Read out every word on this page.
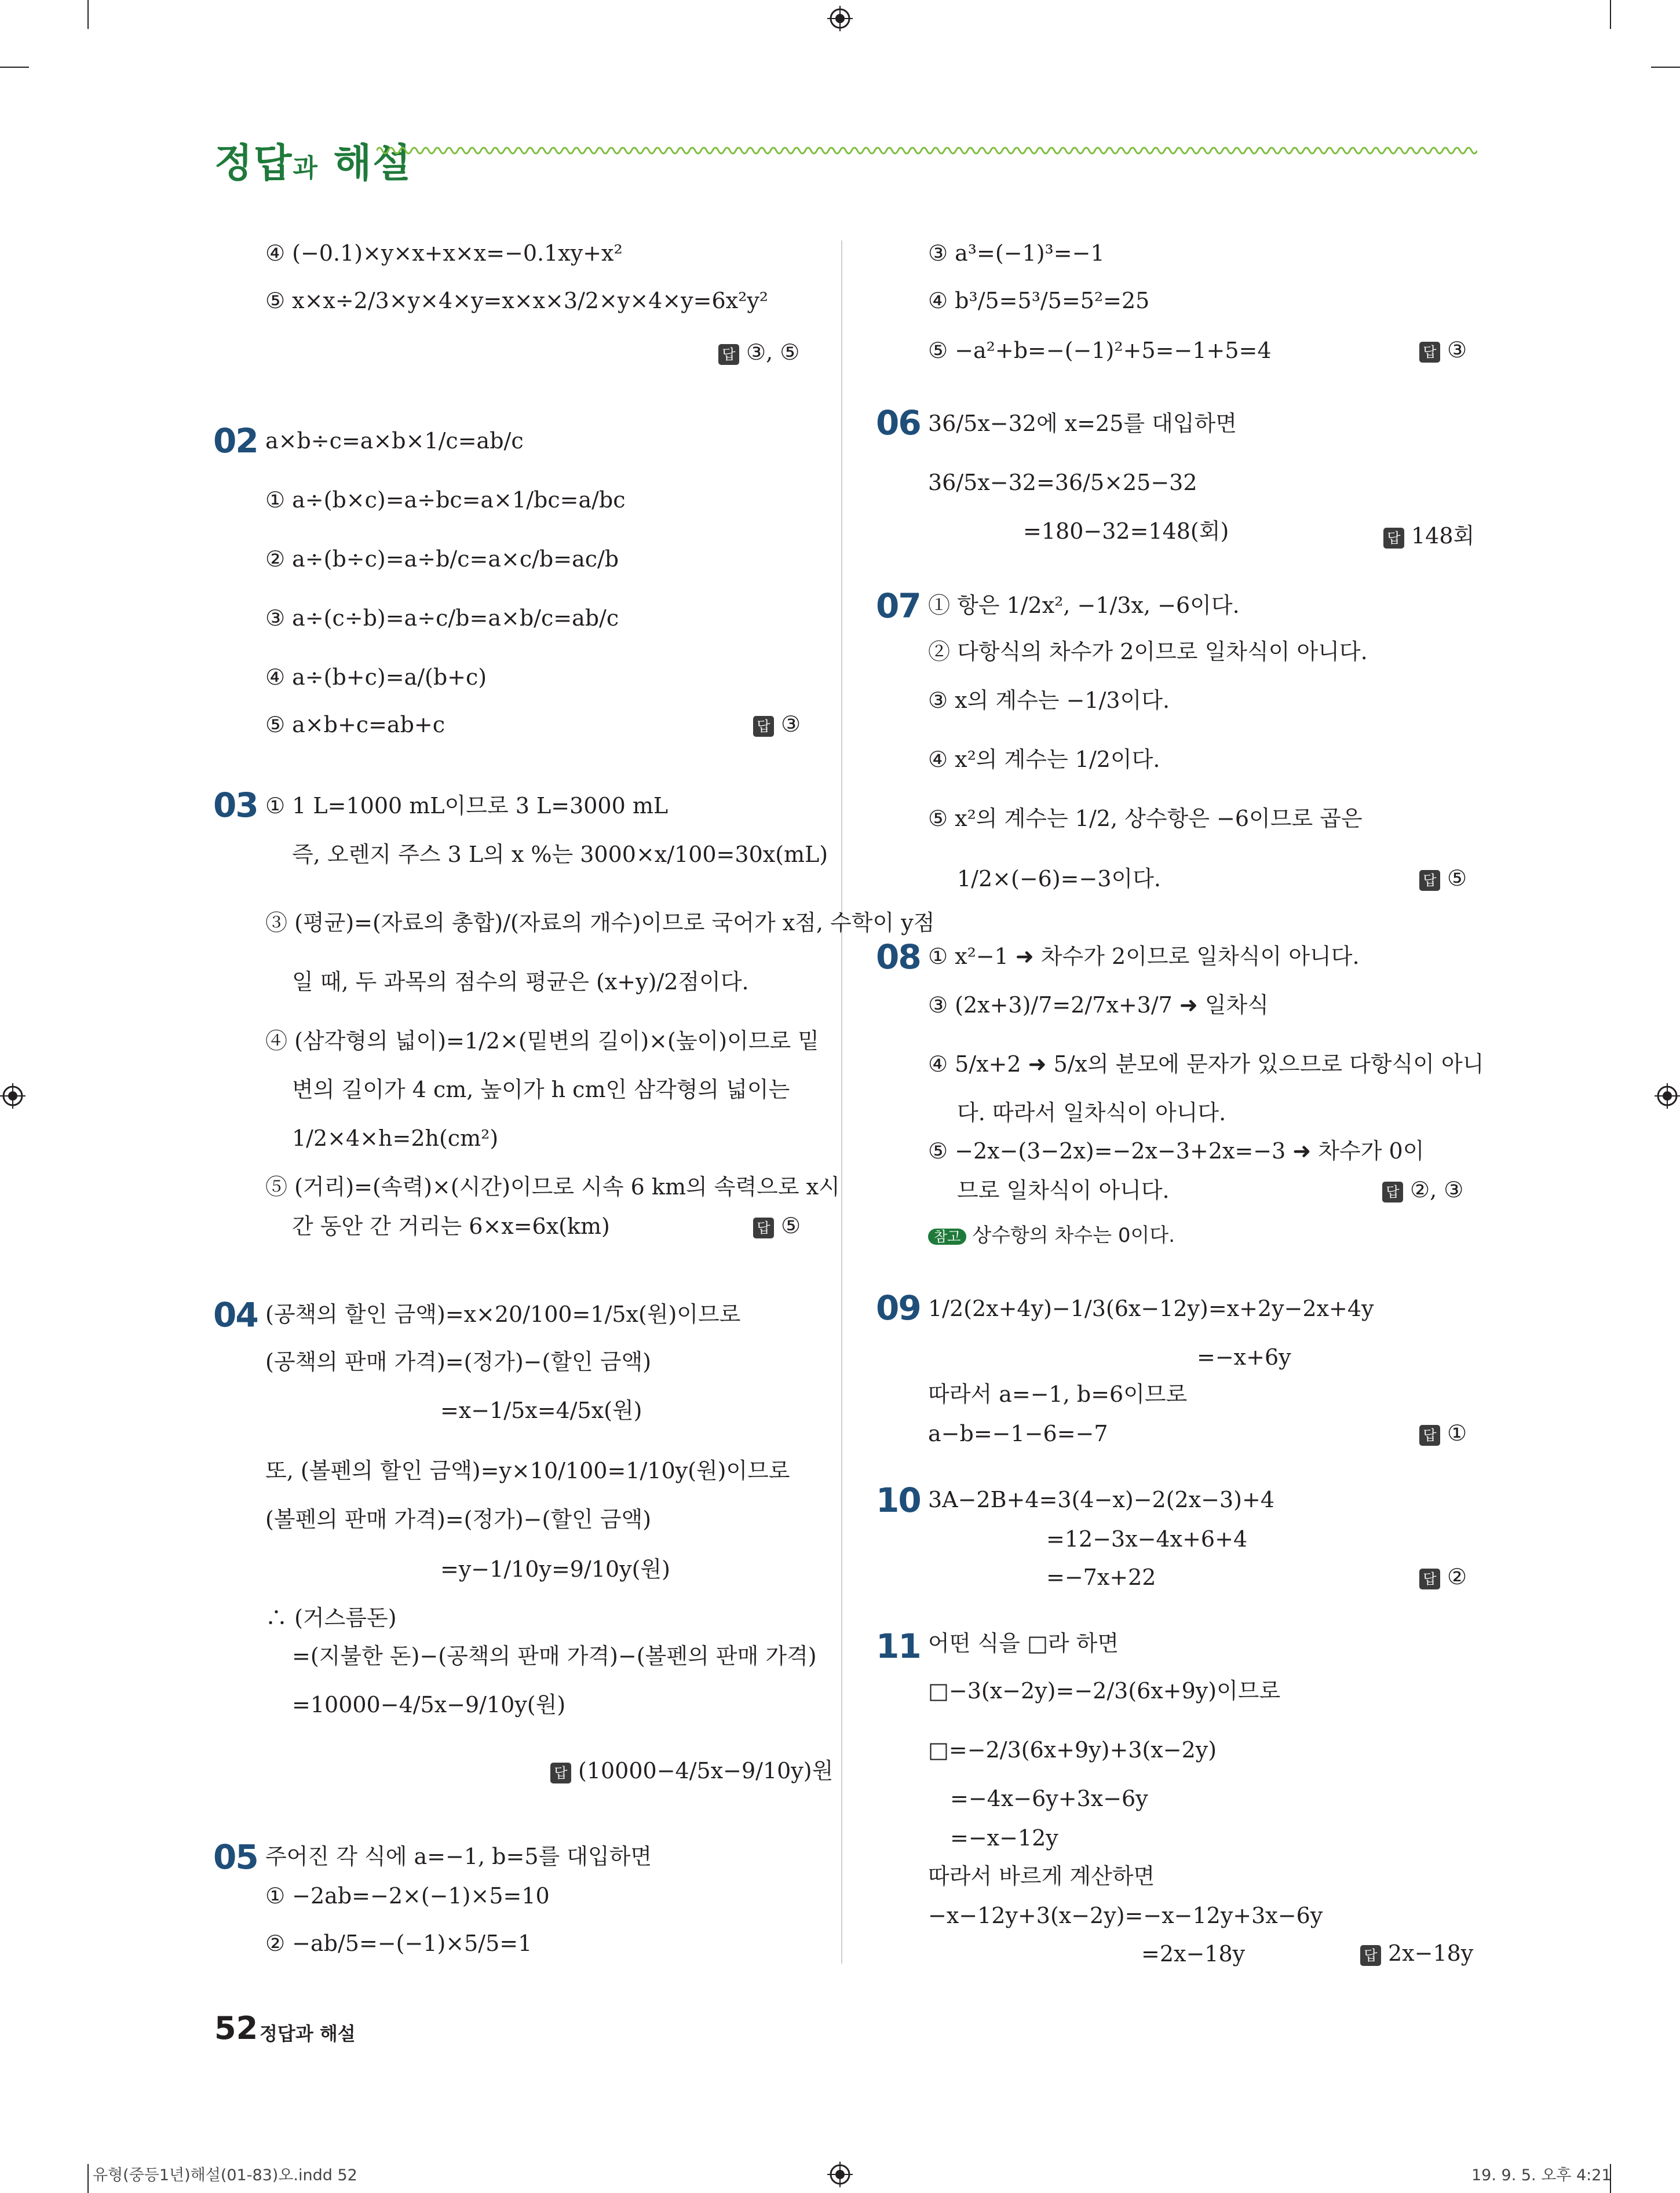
정답과 해설
④ (−0.1)×y×x+x×x=−0.1xy+x²
⑤ x×x÷2/3×y×4×y=x×x×3/2×y×4×y=6x²y²
답 ③, ⑤
02 a×b÷c=a×b×1/c=ab/c
① a÷(b×c)=a÷bc=a×1/bc=a/bc
② a÷(b÷c)=a÷b/c=a×c/b=ac/b
③ a÷(c÷b)=a÷c/b=a×b/c=ab/c
④ a÷(b+c)=a/(b+c)
⑤ a×b+c=ab+c	답 ③
03 ① 1 L=1000 mL이므로 3 L=3000 mL
즉, 오렌지 주스 3 L의 x %는 3000×x/100=30x(mL)
③ (평균)=(자료의 총합)/(자료의 개수)이므로 국어가 x점, 수학이 y점
일 때, 두 과목의 점수의 평균은 (x+y)/2점이다.
④ (삼각형의 넓이)=1/2×(밑변의 길이)×(높이)이므로 밑
변의 길이가 4 cm, 높이가 h cm인 삼각형의 넓이는
1/2×4×h=2h(cm²)
⑤ (거리)=(속력)×(시간)이므로 시속 6 km의 속력으로 x시
간 동안 간 거리는 6×x=6x(km)	답 ⑤
04 (공책의 할인 금액)=x×20/100=1/5x(원)이므로
(공책의 판매 가격)=(정가)−(할인 금액)
=x−1/5x=4/5x(원)
또, (볼펜의 할인 금액)=y×10/100=1/10y(원)이므로
(볼펜의 판매 가격)=(정가)−(할인 금액)
=y−1/10y=9/10y(원)
∴ (거스름돈)
=(지불한 돈)−(공책의 판매 가격)−(볼펜의 판매 가격)
=10000−4/5x−9/10y(원)
답 (10000−4/5x−9/10y)원
05 주어진 각 식에 a=−1, b=5를 대입하면
① −2ab=−2×(−1)×5=10
② −ab/5=−(−1)×5/5=1
③ a³=(−1)³=−1
④ b³/5=5³/5=5²=25
⑤ −a²+b=−(−1)²+5=−1+5=4	답 ③
06 36/5x−32에 x=25를 대입하면
36/5x−32=36/5×25−32
=180−32=148(회)	답 148회
07 ① 항은 1/2x², −1/3x, −6이다.
② 다항식의 차수가 2이므로 일차식이 아니다.
③ x의 계수는 −1/3이다.
④ x²의 계수는 1/2이다.
⑤ x²의 계수는 1/2, 상수항은 −6이므로 곱은
1/2×(−6)=−3이다.	답 ⑤
08 ① x²−1 ➜ 차수가 2이므로 일차식이 아니다.
③ (2x+3)/7=2/7x+3/7 ➜ 일차식
④ 5/x+2 ➜ 5/x의 분모에 문자가 있으므로 다항식이 아니
다. 따라서 일차식이 아니다.
⑤ −2x−(3−2x)=−2x−3+2x=−3 ➜ 차수가 0이
므로 일차식이 아니다.	답 ②, ③
참고 상수항의 차수는 0이다.
09 1/2(2x+4y)−1/3(6x−12y)=x+2y−2x+4y
=−x+6y
따라서 a=−1, b=6이므로
a−b=−1−6=−7	답 ①
10 3A−2B+4=3(4−x)−2(2x−3)+4
=12−3x−4x+6+4
=−7x+22	답 ②
11 어떤 식을 □라 하면
□−3(x−2y)=−2/3(6x+9y)이므로
□=−2/3(6x+9y)+3(x−2y)
=−4x−6y+3x−6y
=−x−12y
따라서 바르게 계산하면
−x−12y+3(x−2y)=−x−12y+3x−6y
=2x−18y	답 2x−18y
52 정답과 해설
유형(중등1년)해설(01-83)오.indd 52	19. 9. 5. 오후 4:21
